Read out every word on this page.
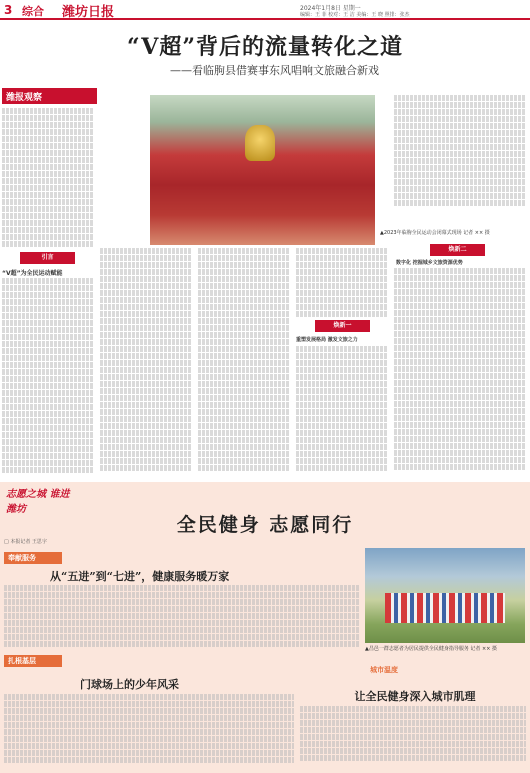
3 综合 潍坊日报	2024年1月8日 星期一
编辑：王 菲 校对：王 洁 美编：王 晓 照排：张杰
“V超”背后的流量转化之道
——看临朐县借赛事东风唱响文旅融合新戏
潍报观察
引言
“V超”为全民运动赋能
▲2023年临朐全民运动会闭幕式现场 记者 ×× 摄
焕新一
重塑发展格局 激发文旅之力
焕新二
数字化 挖掘城乡文旅资源优势
志愿之城 谁进潍坊
全民健身 志愿同行
□ 本报记者 王思宇
奉献服务
从“五进”到“七进”，健康服务暖万家
▲昌邑一群志愿者为居民提供全民健身指导服务 记者 ×× 摄
扎根基层
门球场上的少年风采
城市温度
让全民健身深入城市肌理
